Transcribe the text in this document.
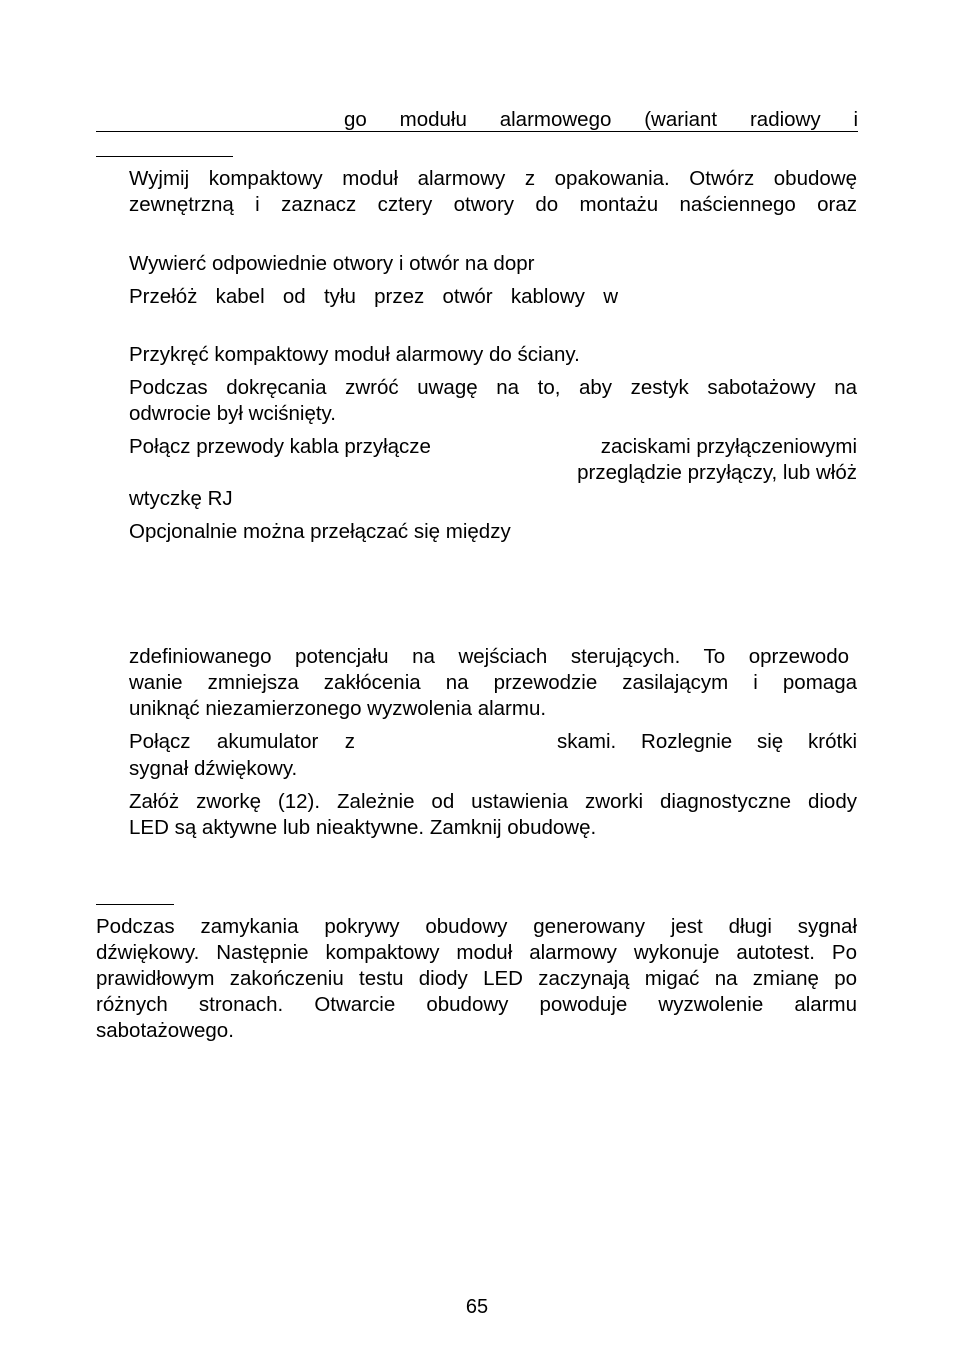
go modułu alarmowego (wariant radiowy i
Wyjmij kompaktowy moduł alarmowy z opakowania. Otwórz obudowę
zewnętrzną i zaznacz cztery otwory do montażu naściennego oraz
Wywierć odpowiednie otwory i otwór na dopr
Przełóż kabel od tyłu przez otwór kablowy w
Przykręć kompaktowy moduł alarmowy do ściany.
Podczas dokręcania zwróć uwagę na to, aby zestyk sabotażowy na
odwrocie był wciśnięty.
Połącz przewody kabla przyłącze	zaciskami przyłączeniowymi
przeglądzie przyłączy, lub włóż
wtyczkę RJ
Opcjonalnie można przełączać się między
zdefiniowanego potencjału na wejściach sterujących. To oprzewodo
wanie zmniejsza zakłócenia na przewodzie zasilającym i pomaga
uniknąć niezamierzonego wyzwolenia alarmu.
Połącz akumulator z	skami. Rozlegnie się krótki
sygnał dźwiękowy.
Załóż zworkę (12). Zależnie od ustawienia zworki diagnostyczne diody
LED są aktywne lub nieaktywne. Zamknij obudowę.
Podczas zamykania pokrywy obudowy generowany jest długi sygnał
dźwiękowy. Następnie kompaktowy moduł alarmowy wykonuje autotest. Po
prawidłowym zakończeniu testu diody LED zaczynają migać na zmianę po
różnych stronach. Otwarcie obudowy powoduje wyzwolenie alarmu
sabotażowego.
65
